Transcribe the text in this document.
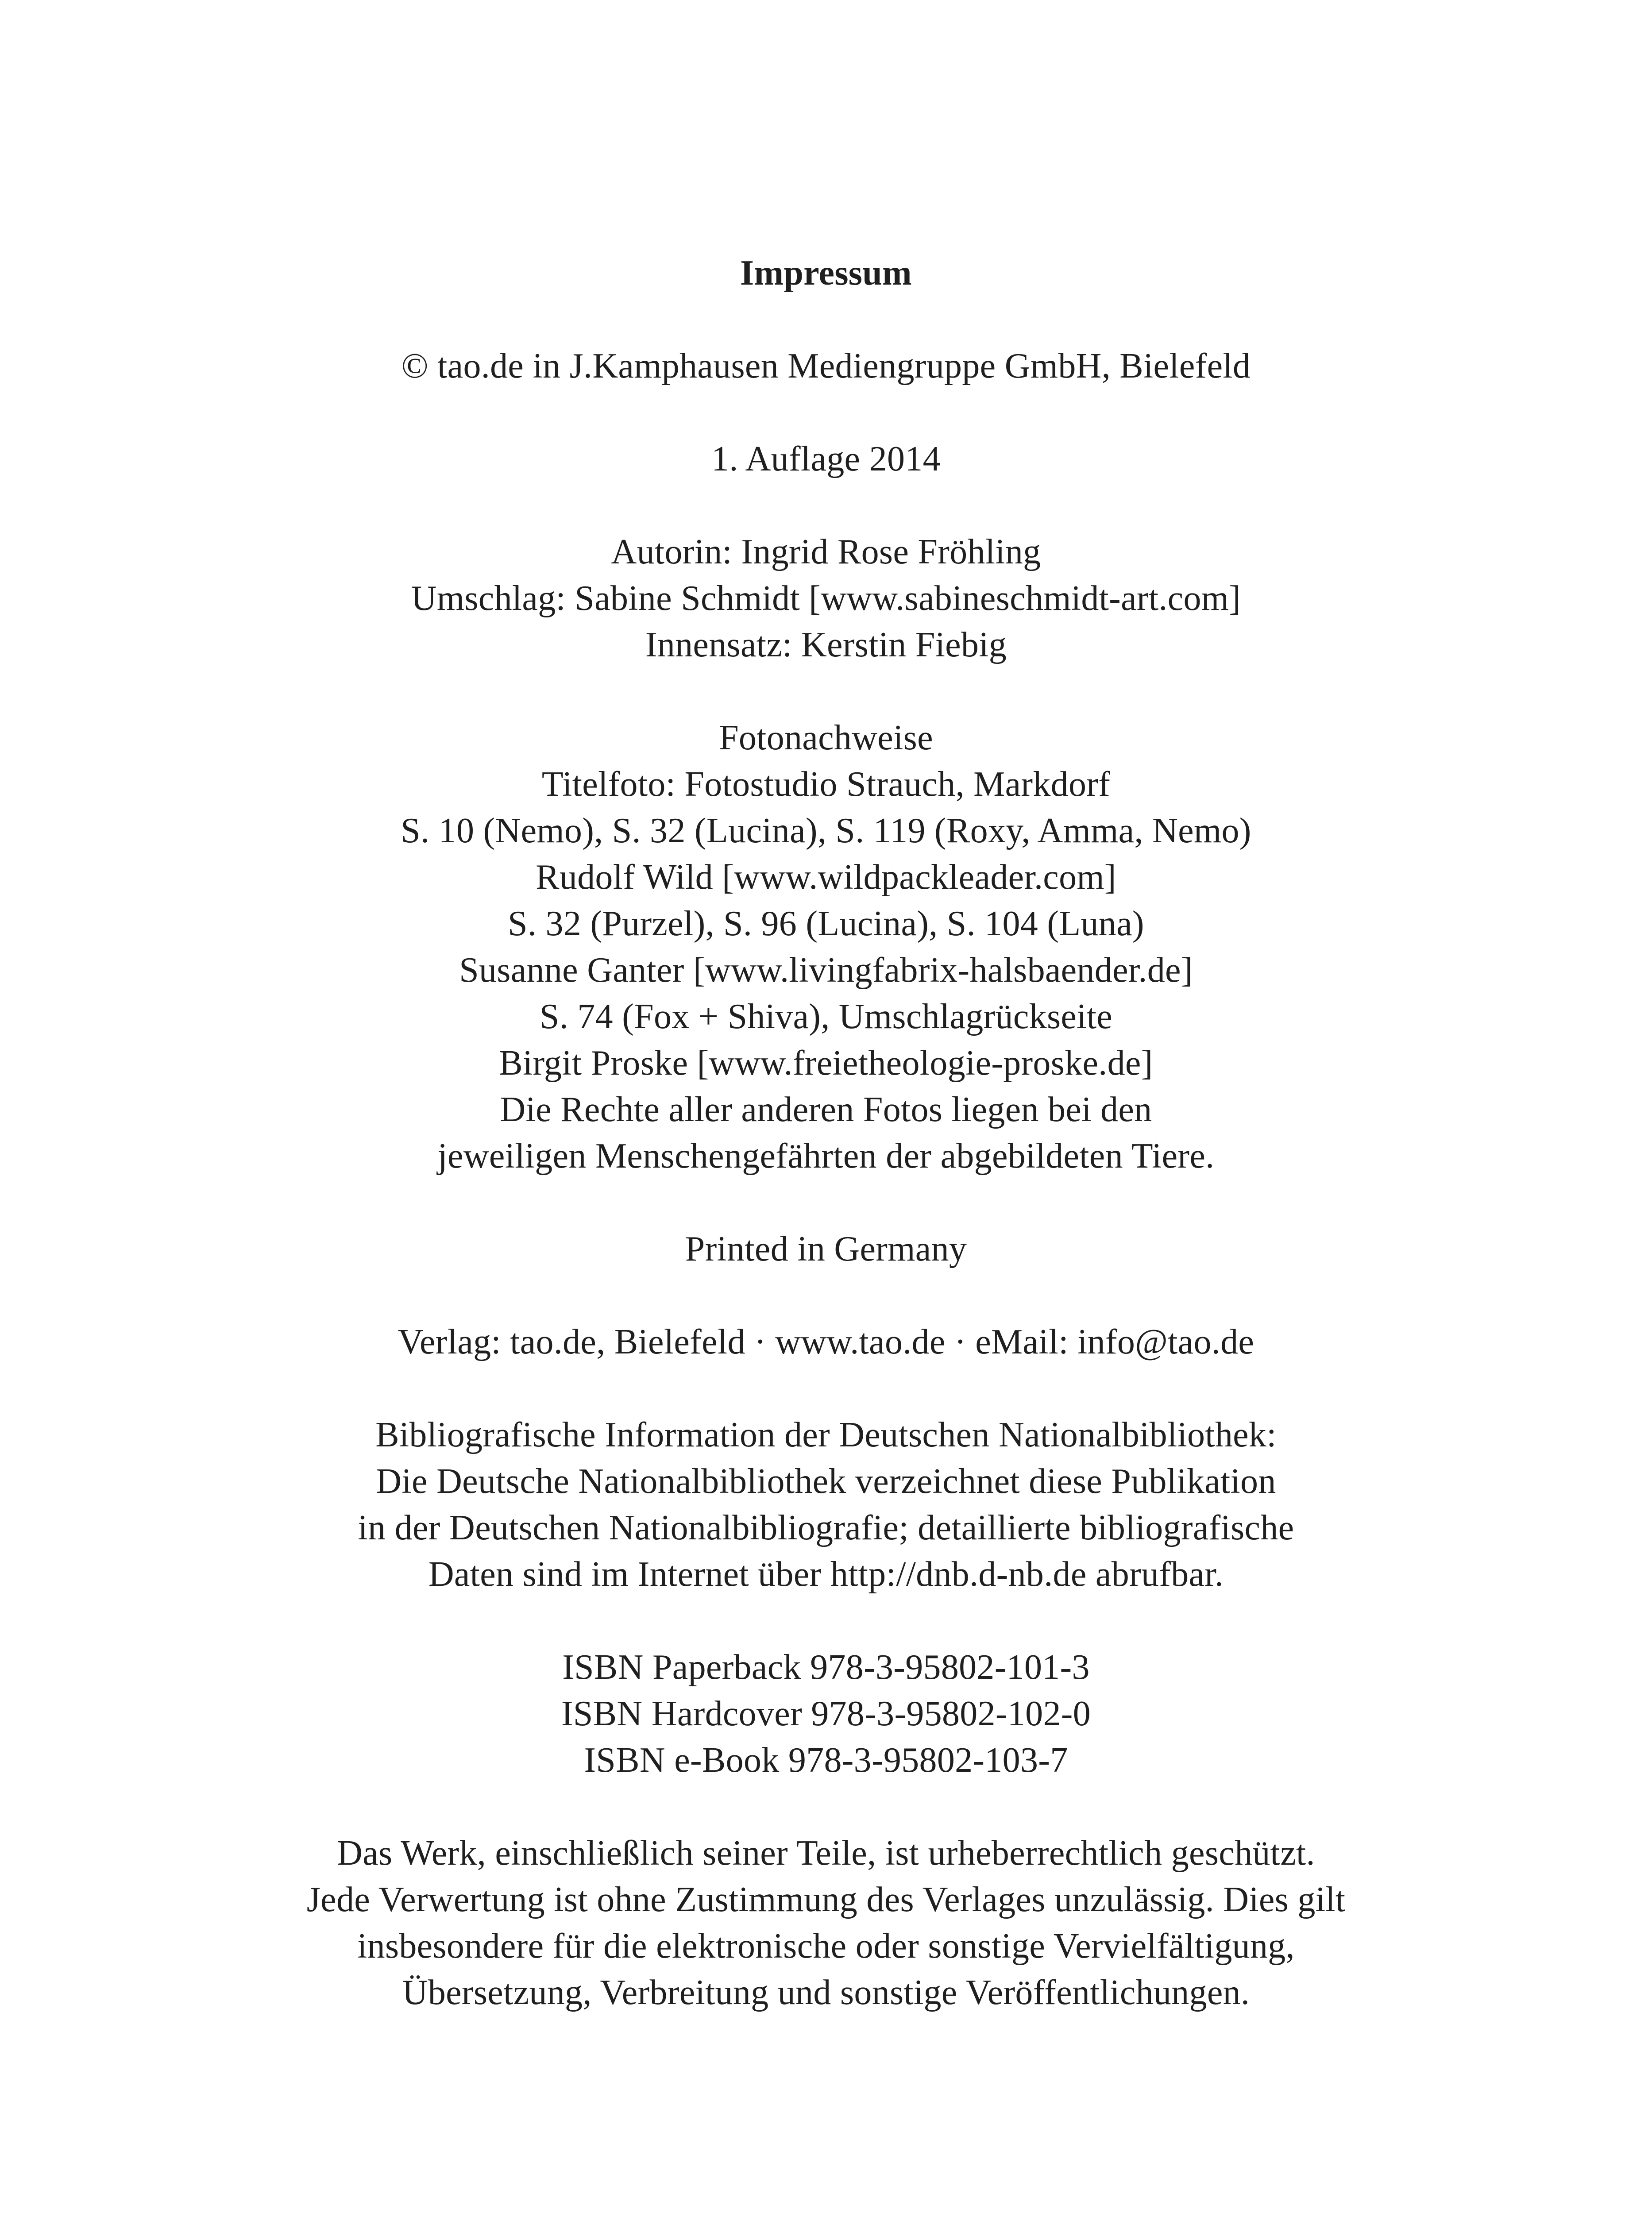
Impressum
© tao.de in J.Kamphausen Mediengruppe GmbH, Bielefeld
1. Auflage 2014
Autorin: Ingrid Rose Fröhling
Umschlag: Sabine Schmidt [www.sabineschmidt-art.com]
Innensatz: Kerstin Fiebig
Fotonachweise
Titelfoto: Fotostudio Strauch, Markdorf
S. 10 (Nemo), S. 32 (Lucina), S. 119 (Roxy, Amma, Nemo)
Rudolf Wild [www.wildpackleader.com]
S. 32 (Purzel), S. 96 (Lucina), S. 104 (Luna)
Susanne Ganter [www.livingfabrix-halsbaender.de]
S. 74 (Fox + Shiva), Umschlagrückseite
Birgit Proske [www.freietheologie-proske.de]
Die Rechte aller anderen Fotos liegen bei den
jeweiligen Menschengefährten der abgebildeten Tiere.
Printed in Germany
Verlag: tao.de, Bielefeld · www.tao.de · eMail: info@tao.de
Bibliografische Information der Deutschen Nationalbibliothek:
Die Deutsche Nationalbibliothek verzeichnet diese Publikation
in der Deutschen Nationalbibliografie; detaillierte bibliografische
Daten sind im Internet über http://dnb.d-nb.de abrufbar.
ISBN Paperback 978-3-95802-101-3
ISBN Hardcover 978-3-95802-102-0
ISBN e-Book 978-3-95802-103-7
Das Werk, einschließlich seiner Teile, ist urheberrechtlich geschützt.
Jede Verwertung ist ohne Zustimmung des Verlages unzulässig. Dies gilt
insbesondere für die elektronische oder sonstige Vervielfältigung,
Übersetzung, Verbreitung und sonstige Veröffentlichungen.
